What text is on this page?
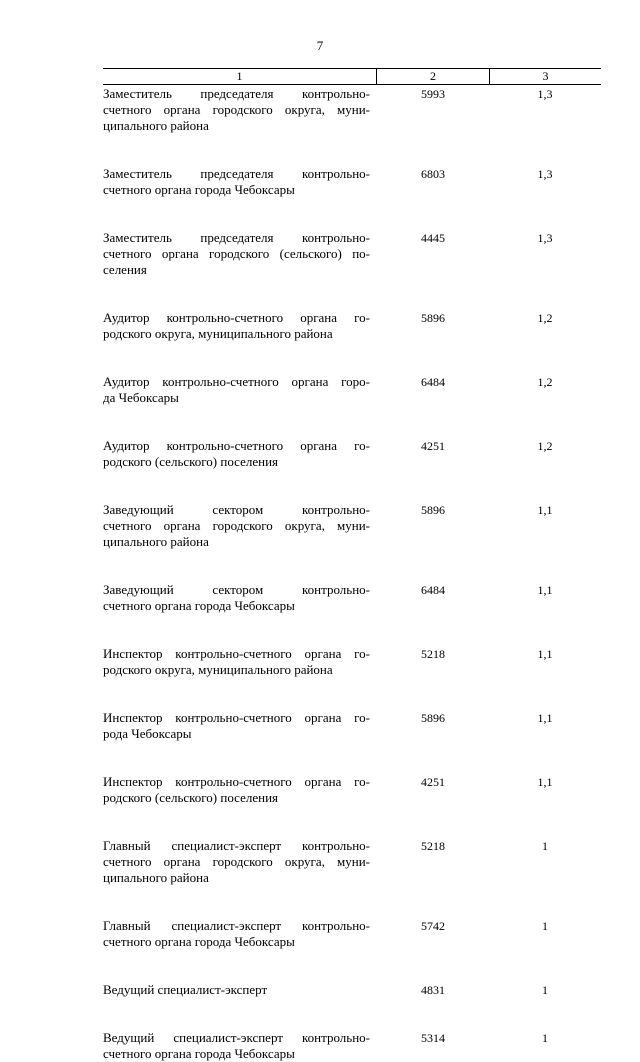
7
1	2	3
Заместитель председателя контрольно-
счетного органа городского округа, муни-
ципального района
5993	1,3
Заместитель председателя контрольно-
счетного органа города Чебоксары
6803	1,3
Заместитель председателя контрольно-
счетного органа городского (сельского) по-
селения
4445	1,3
Аудитор контрольно-счетного органа го-
родского округа, муниципального района
5896	1,2
Аудитор контрольно-счетного органа горо-
да Чебоксары
6484	1,2
Аудитор контрольно-счетного органа го-
родского (сельского) поселения
4251	1,2
Заведующий сектором контрольно-
счетного органа городского округа, муни-
ципального района
5896	1,1
Заведующий сектором контрольно-
счетного органа города Чебоксары
6484	1,1
Инспектор контрольно-счетного органа го-
родского округа, муниципального района
5218	1,1
Инспектор контрольно-счетного органа го-
рода Чебоксары
5896	1,1
Инспектор контрольно-счетного органа го-
родского (сельского) поселения
4251	1,1
Главный специалист-эксперт контрольно-
счетного органа городского округа, муни-
ципального района
5218	1
Главный специалист-эксперт контрольно-
счетного органа города Чебоксары
5742	1
Ведущий специалист-эксперт	4831	1
Ведущий специалист-эксперт контрольно-
счетного органа города Чебоксары
5314	1
